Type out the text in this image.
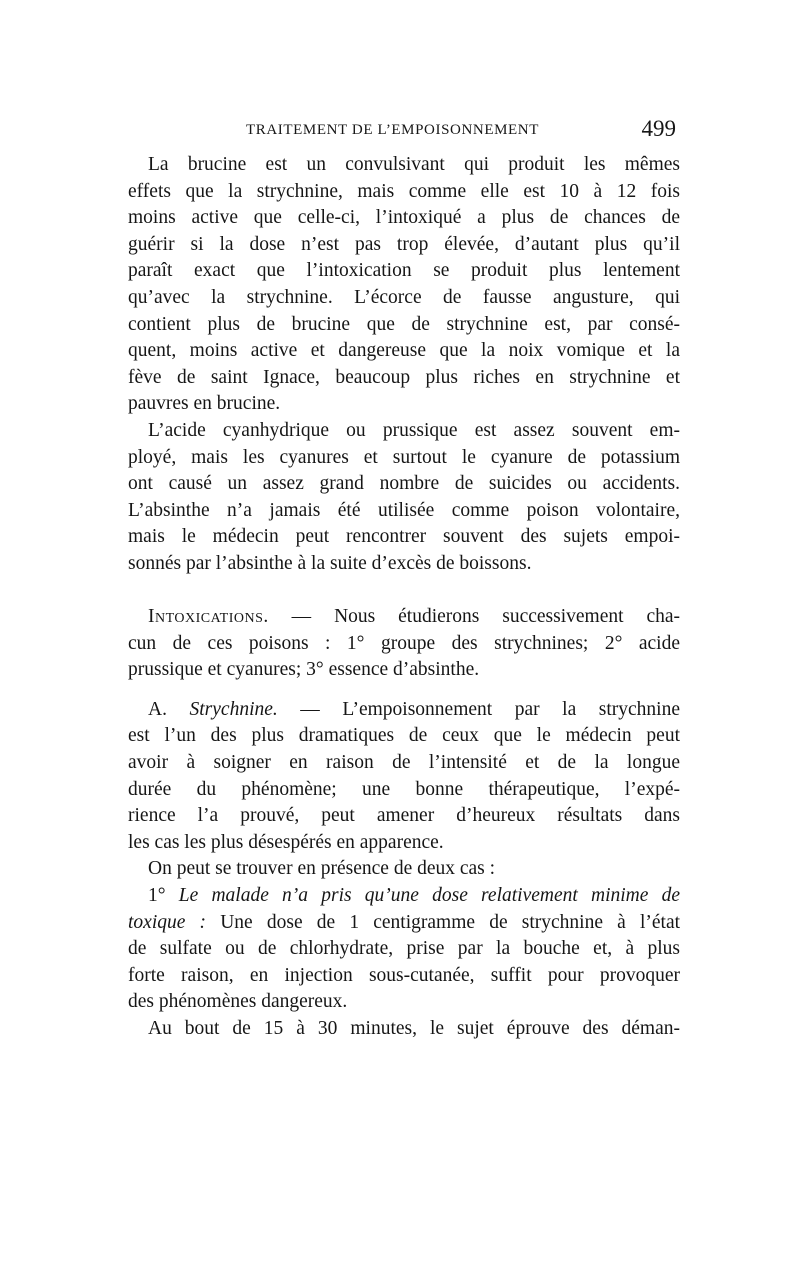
TRAITEMENT DE L’EMPOISONNEMENT	499
La brucine est un convulsivant qui produit les mêmes
effets que la strychnine, mais comme elle est 10 à 12 fois
moins active que celle-ci, l’intoxiqué a plus de chances de
guérir si la dose n’est pas trop élevée, d’autant plus qu’il
paraît exact que l’intoxication se produit plus lentement
qu’avec la strychnine. L’écorce de fausse angusture, qui
contient plus de brucine que de strychnine est, par consé-
quent, moins active et dangereuse que la noix vomique et la
fève de saint Ignace, beaucoup plus riches en strychnine et
pauvres en brucine.
L’acide cyanhydrique ou prussique est assez souvent em-
ployé, mais les cyanures et surtout le cyanure de potassium
ont causé un assez grand nombre de suicides ou accidents.
L’absinthe n’a jamais été utilisée comme poison volontaire,
mais le médecin peut rencontrer souvent des sujets empoi-
sonnés par l’absinthe à la suite d’excès de boissons.
Intoxications. — Nous étudierons successivement cha-
cun de ces poisons : 1° groupe des strychnines; 2° acide
prussique et cyanures; 3° essence d’absinthe.
A. Strychnine. — L’empoisonnement par la strychnine
est l’un des plus dramatiques de ceux que le médecin peut
avoir à soigner en raison de l’intensité et de la longue
durée du phénomène; une bonne thérapeutique, l’expé-
rience l’a prouvé, peut amener d’heureux résultats dans
les cas les plus désespérés en apparence.
On peut se trouver en présence de deux cas :
1° Le malade n’a pris qu’une dose relativement minime de
toxique : Une dose de 1 centigramme de strychnine à l’état
de sulfate ou de chlorhydrate, prise par la bouche et, à plus
forte raison, en injection sous-cutanée, suffit pour provoquer
des phénomènes dangereux.
Au bout de 15 à 30 minutes, le sujet éprouve des déman-
